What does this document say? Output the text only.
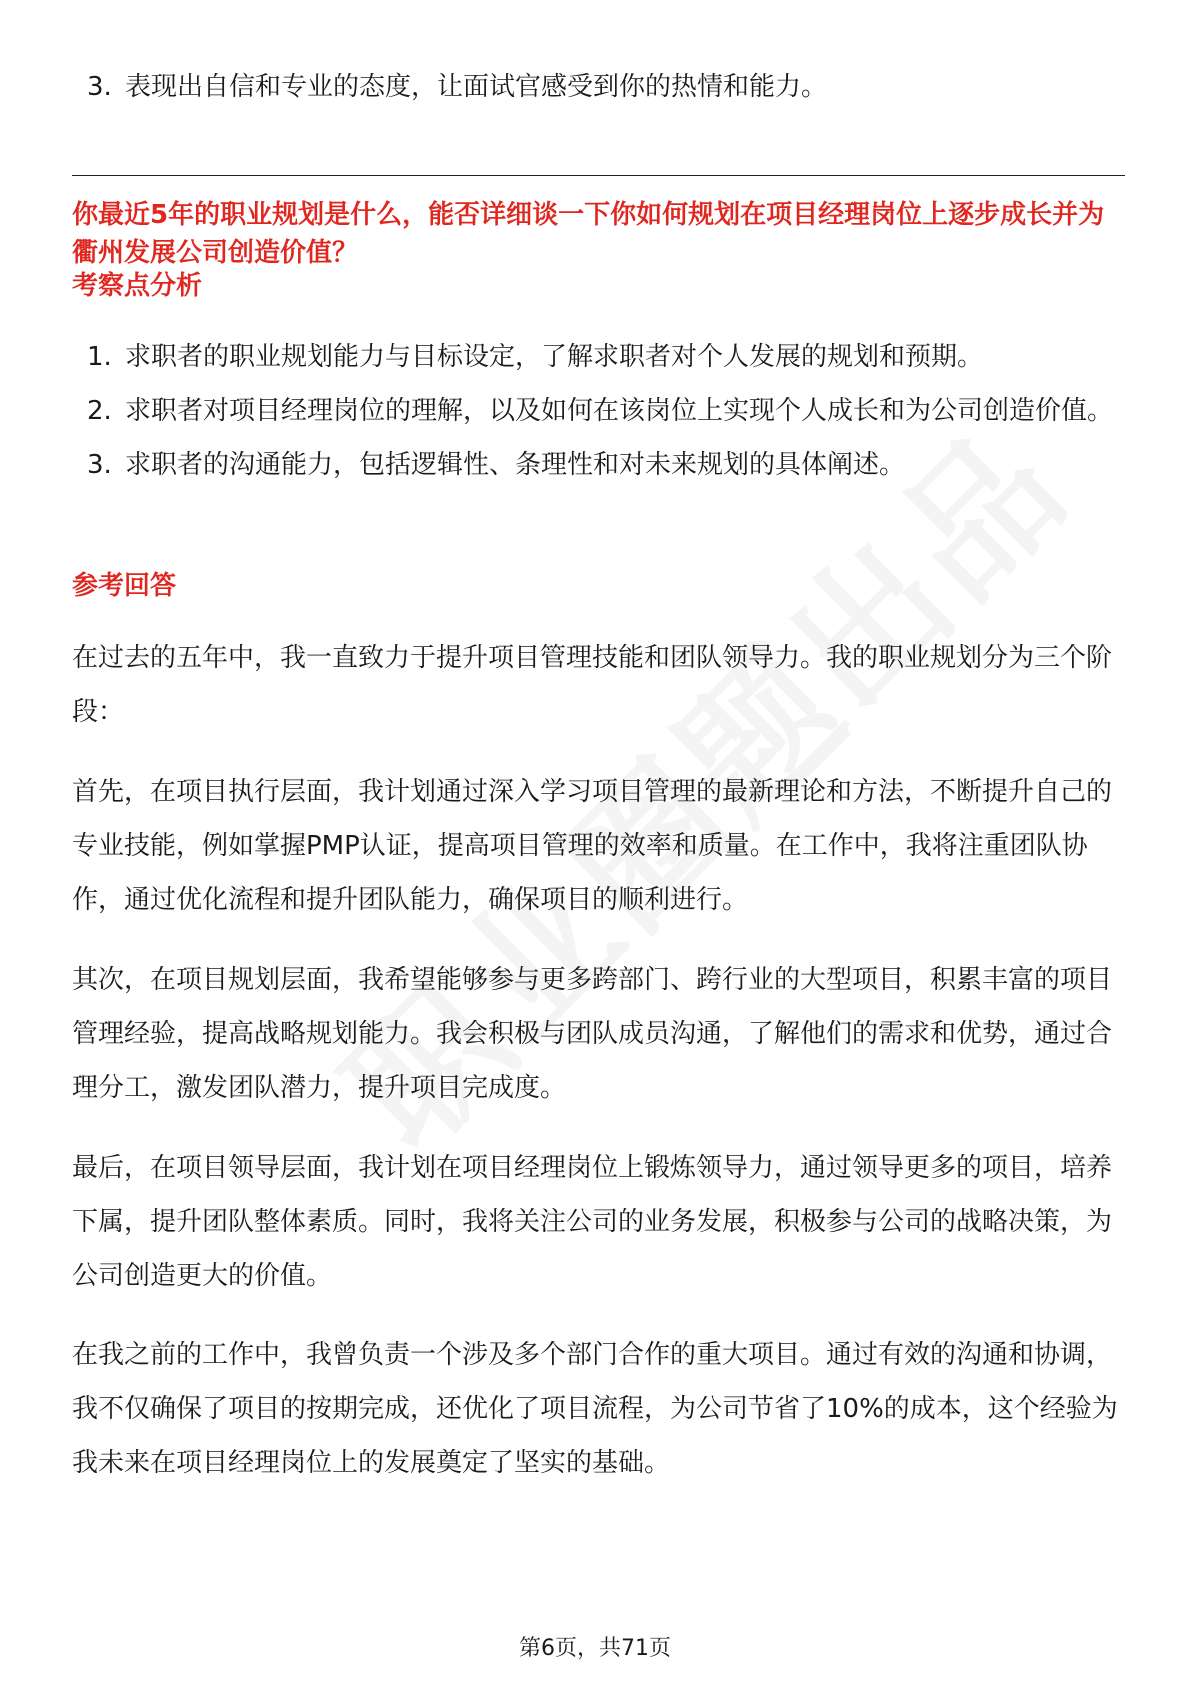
3. 表现出自信和专业的态度，让面试官感受到你的热情和能力。
你最近5年的职业规划是什么，能否详细谈一下你如何规划在项目经理岗位上逐步成长并为衢州发展公司创造价值？
考察点分析
1. 求职者的职业规划能力与目标设定，了解求职者对个人发展的规划和预期。
2. 求职者对项目经理岗位的理解，以及如何在该岗位上实现个人成长和为公司创造价值。
3. 求职者的沟通能力，包括逻辑性、条理性和对未来规划的具体阐述。
参考回答

在过去的五年中，我一直致力于提升项目管理技能和团队领导力。我的职业规划分为三个阶段：

首先，在项目执行层面，我计划通过深入学习项目管理的最新理论和方法，不断提升自己的专业技能，例如掌握PMP认证，提高项目管理的效率和质量。在工作中，我将注重团队协作，通过优化流程和提升团队能力，确保项目的顺利进行。

其次，在项目规划层面，我希望能够参与更多跨部门、跨行业的大型项目，积累丰富的项目管理经验，提高战略规划能力。我会积极与团队成员沟通，了解他们的需求和优势，通过合理分工，激发团队潜力，提升项目完成度。

最后，在项目领导层面，我计划在项目经理岗位上锻炼领导力，通过领导更多的项目，培养下属，提升团队整体素质。同时，我将关注公司的业务发展，积极参与公司的战略决策，为公司创造更大的价值。

在我之前的工作中，我曾负责一个涉及多个部门合作的重大项目。通过有效的沟通和协调，我不仅确保了项目的按期完成，还优化了项目流程，为公司节省了10%的成本，这个经验为我未来在项目经理岗位上的发展奠定了坚实的基础。

第6页，共71页
